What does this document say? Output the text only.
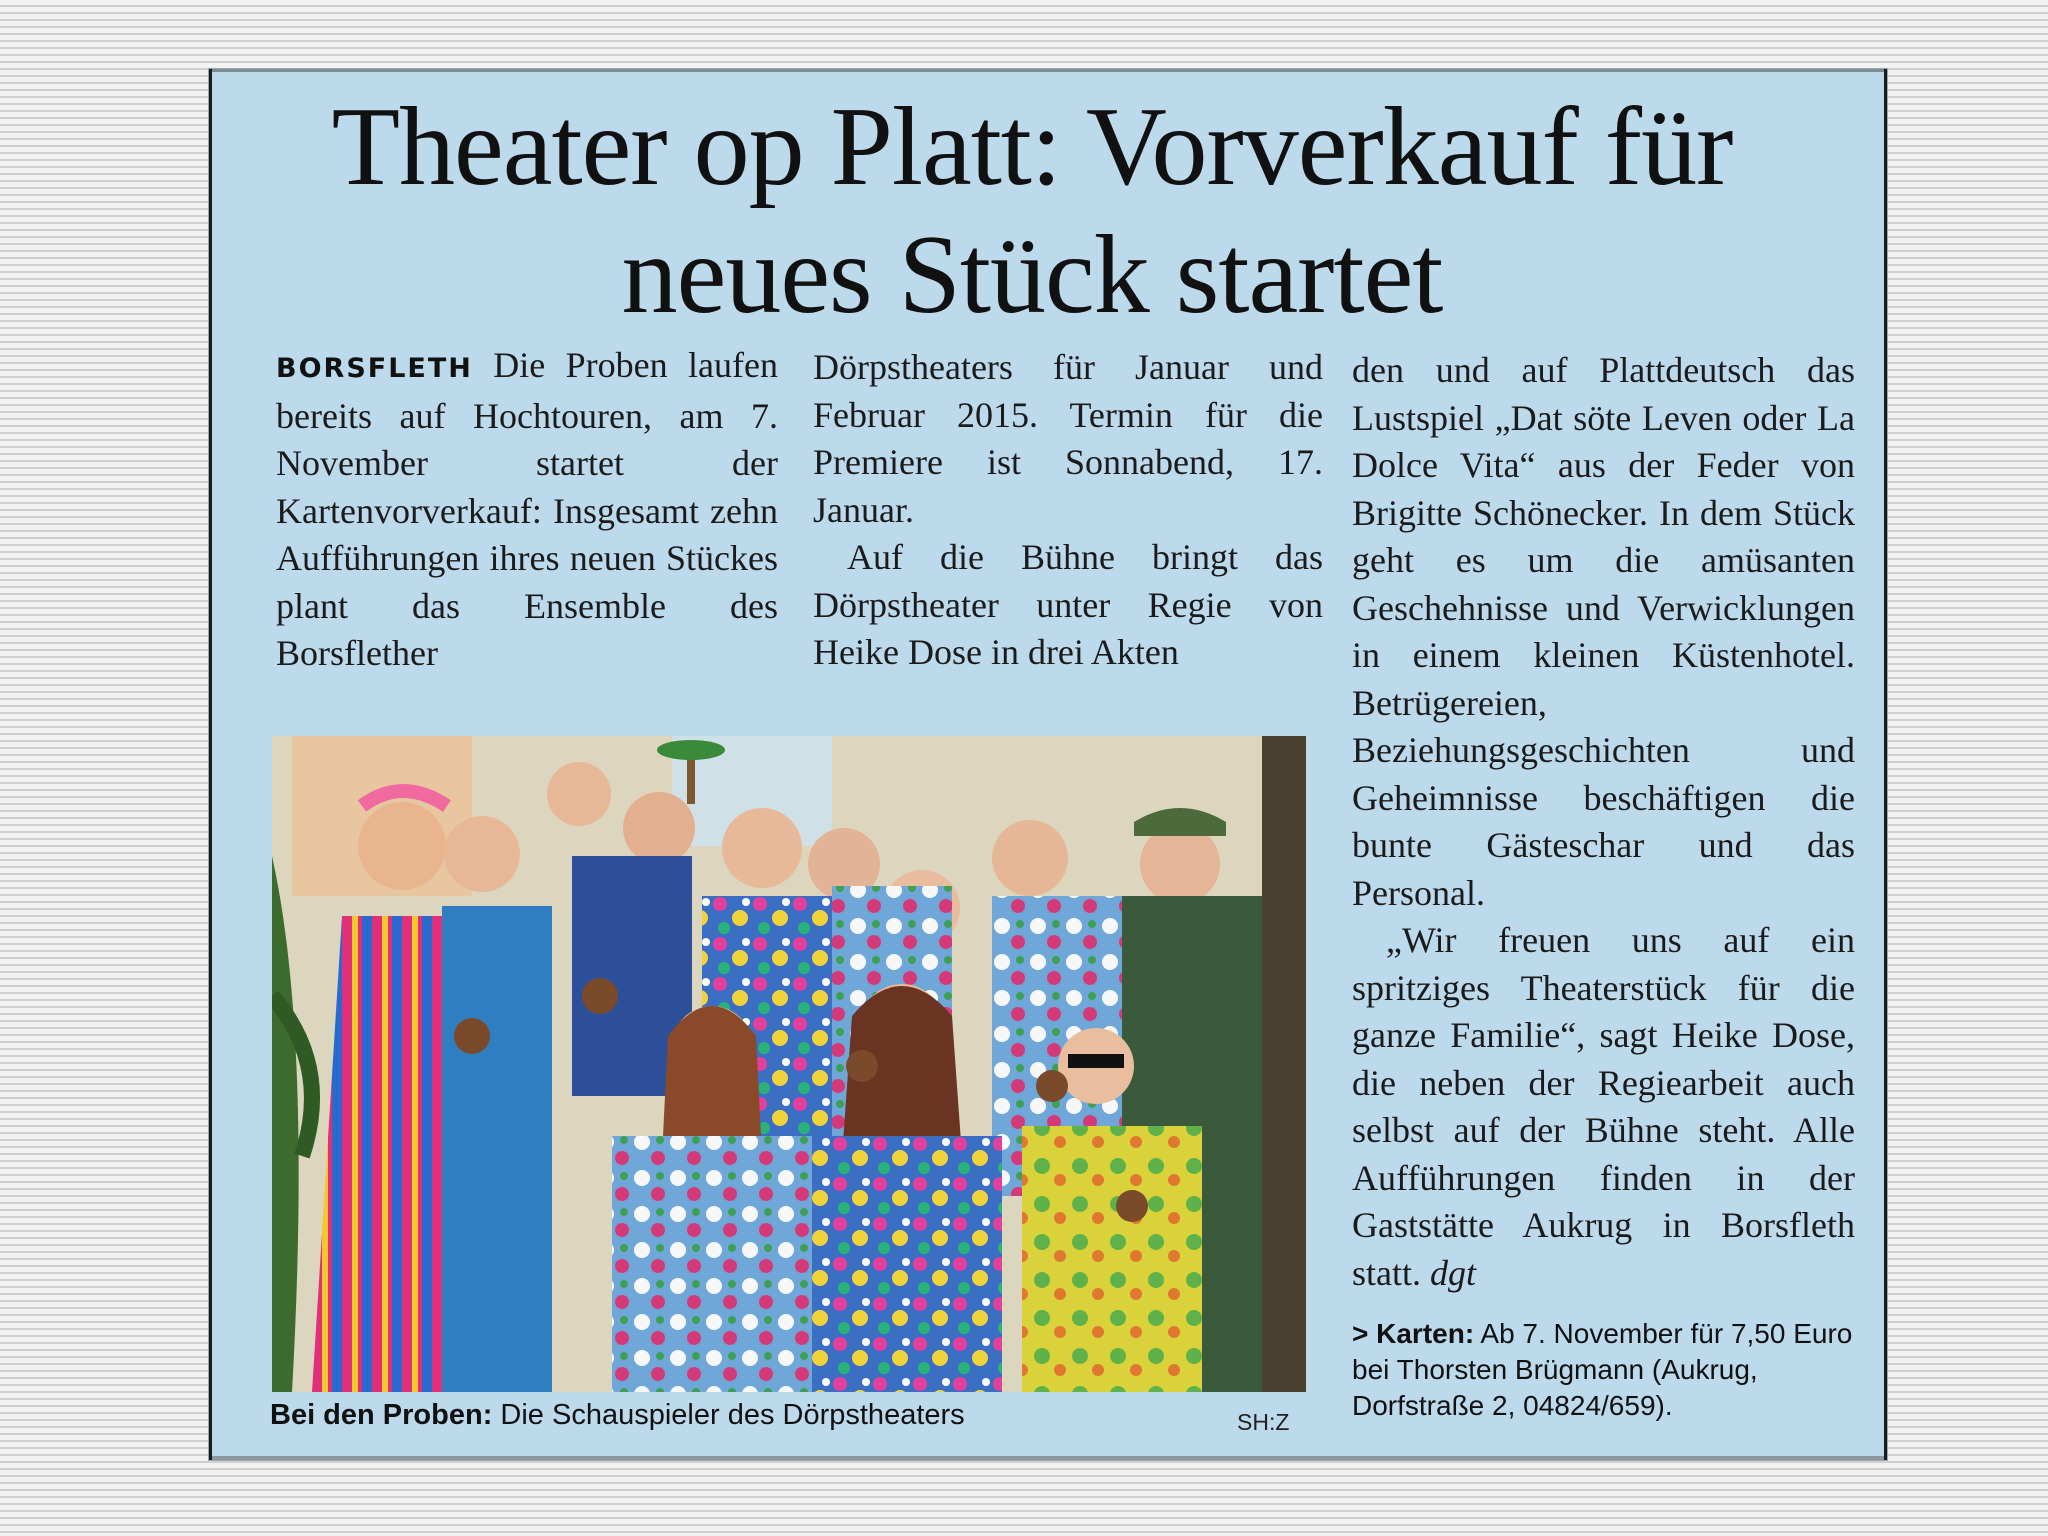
Theater op Platt: Vorverkauf für neues Stück startet
BORSFLETH Die Proben laufen bereits auf Hochtouren, am 7. November startet der Kartenvorverkauf: Insgesamt zehn Aufführungen ihres neuen Stückes plant das Ensemble des Borsflether

Dörpstheaters für Januar und Februar 2015. Termin für die Premiere ist Sonnabend, 17. Januar.

Auf die Bühne bringt das Dörpstheater unter Regie von Heike Dose in drei Akten

den und auf Plattdeutsch das Lustspiel „Dat söte Leven oder La Dolce Vita“ aus der Feder von Brigitte Schönecker. In dem Stück geht es um die amüsanten Geschehnisse und Verwicklungen in einem kleinen Küstenhotel. Betrügereien, Beziehungsgeschichten und Geheimnisse beschäftigen die bunte Gästeschar und das Personal.

„Wir freuen uns auf ein spritziges Theaterstück für die ganze Familie“, sagt Heike Dose, die neben der Regiearbeit auch selbst auf der Bühne steht. Alle Aufführungen finden in der Gaststätte Aukrug in Borsfleth statt. dgt

> Karten: Ab 7. November für 7,50 Euro bei Thorsten Brügmann (Aukrug, Dorfstraße 2, 04824/659).

Bei den Proben: Die Schauspieler des Dörpstheaters	SH:Z
